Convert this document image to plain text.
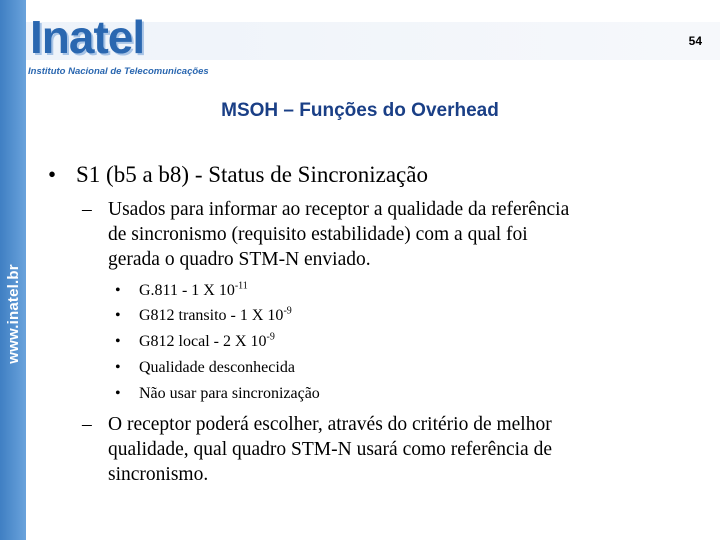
www.inatel.br
Inatel
Instituto Nacional de Telecomunicações
54
MSOH – Funções do Overhead
• S1 (b5 a b8) - Status de Sincronização
– Usados para informar ao receptor a qualidade da referência
de sincronismo (requisito estabilidade) com a qual foi
gerada o quadro STM-N enviado.
• G.811 - 1 X $10^{-11}$
• G812 transito - 1 X $10^{-9}$
• G812 local - 2 X $10^{-9}$
• Qualidade desconhecida
• Não usar para sincronização
– O receptor poderá escolher, através do critério de melhor
qualidade, qual quadro STM-N usará como referência de
sincronismo.
